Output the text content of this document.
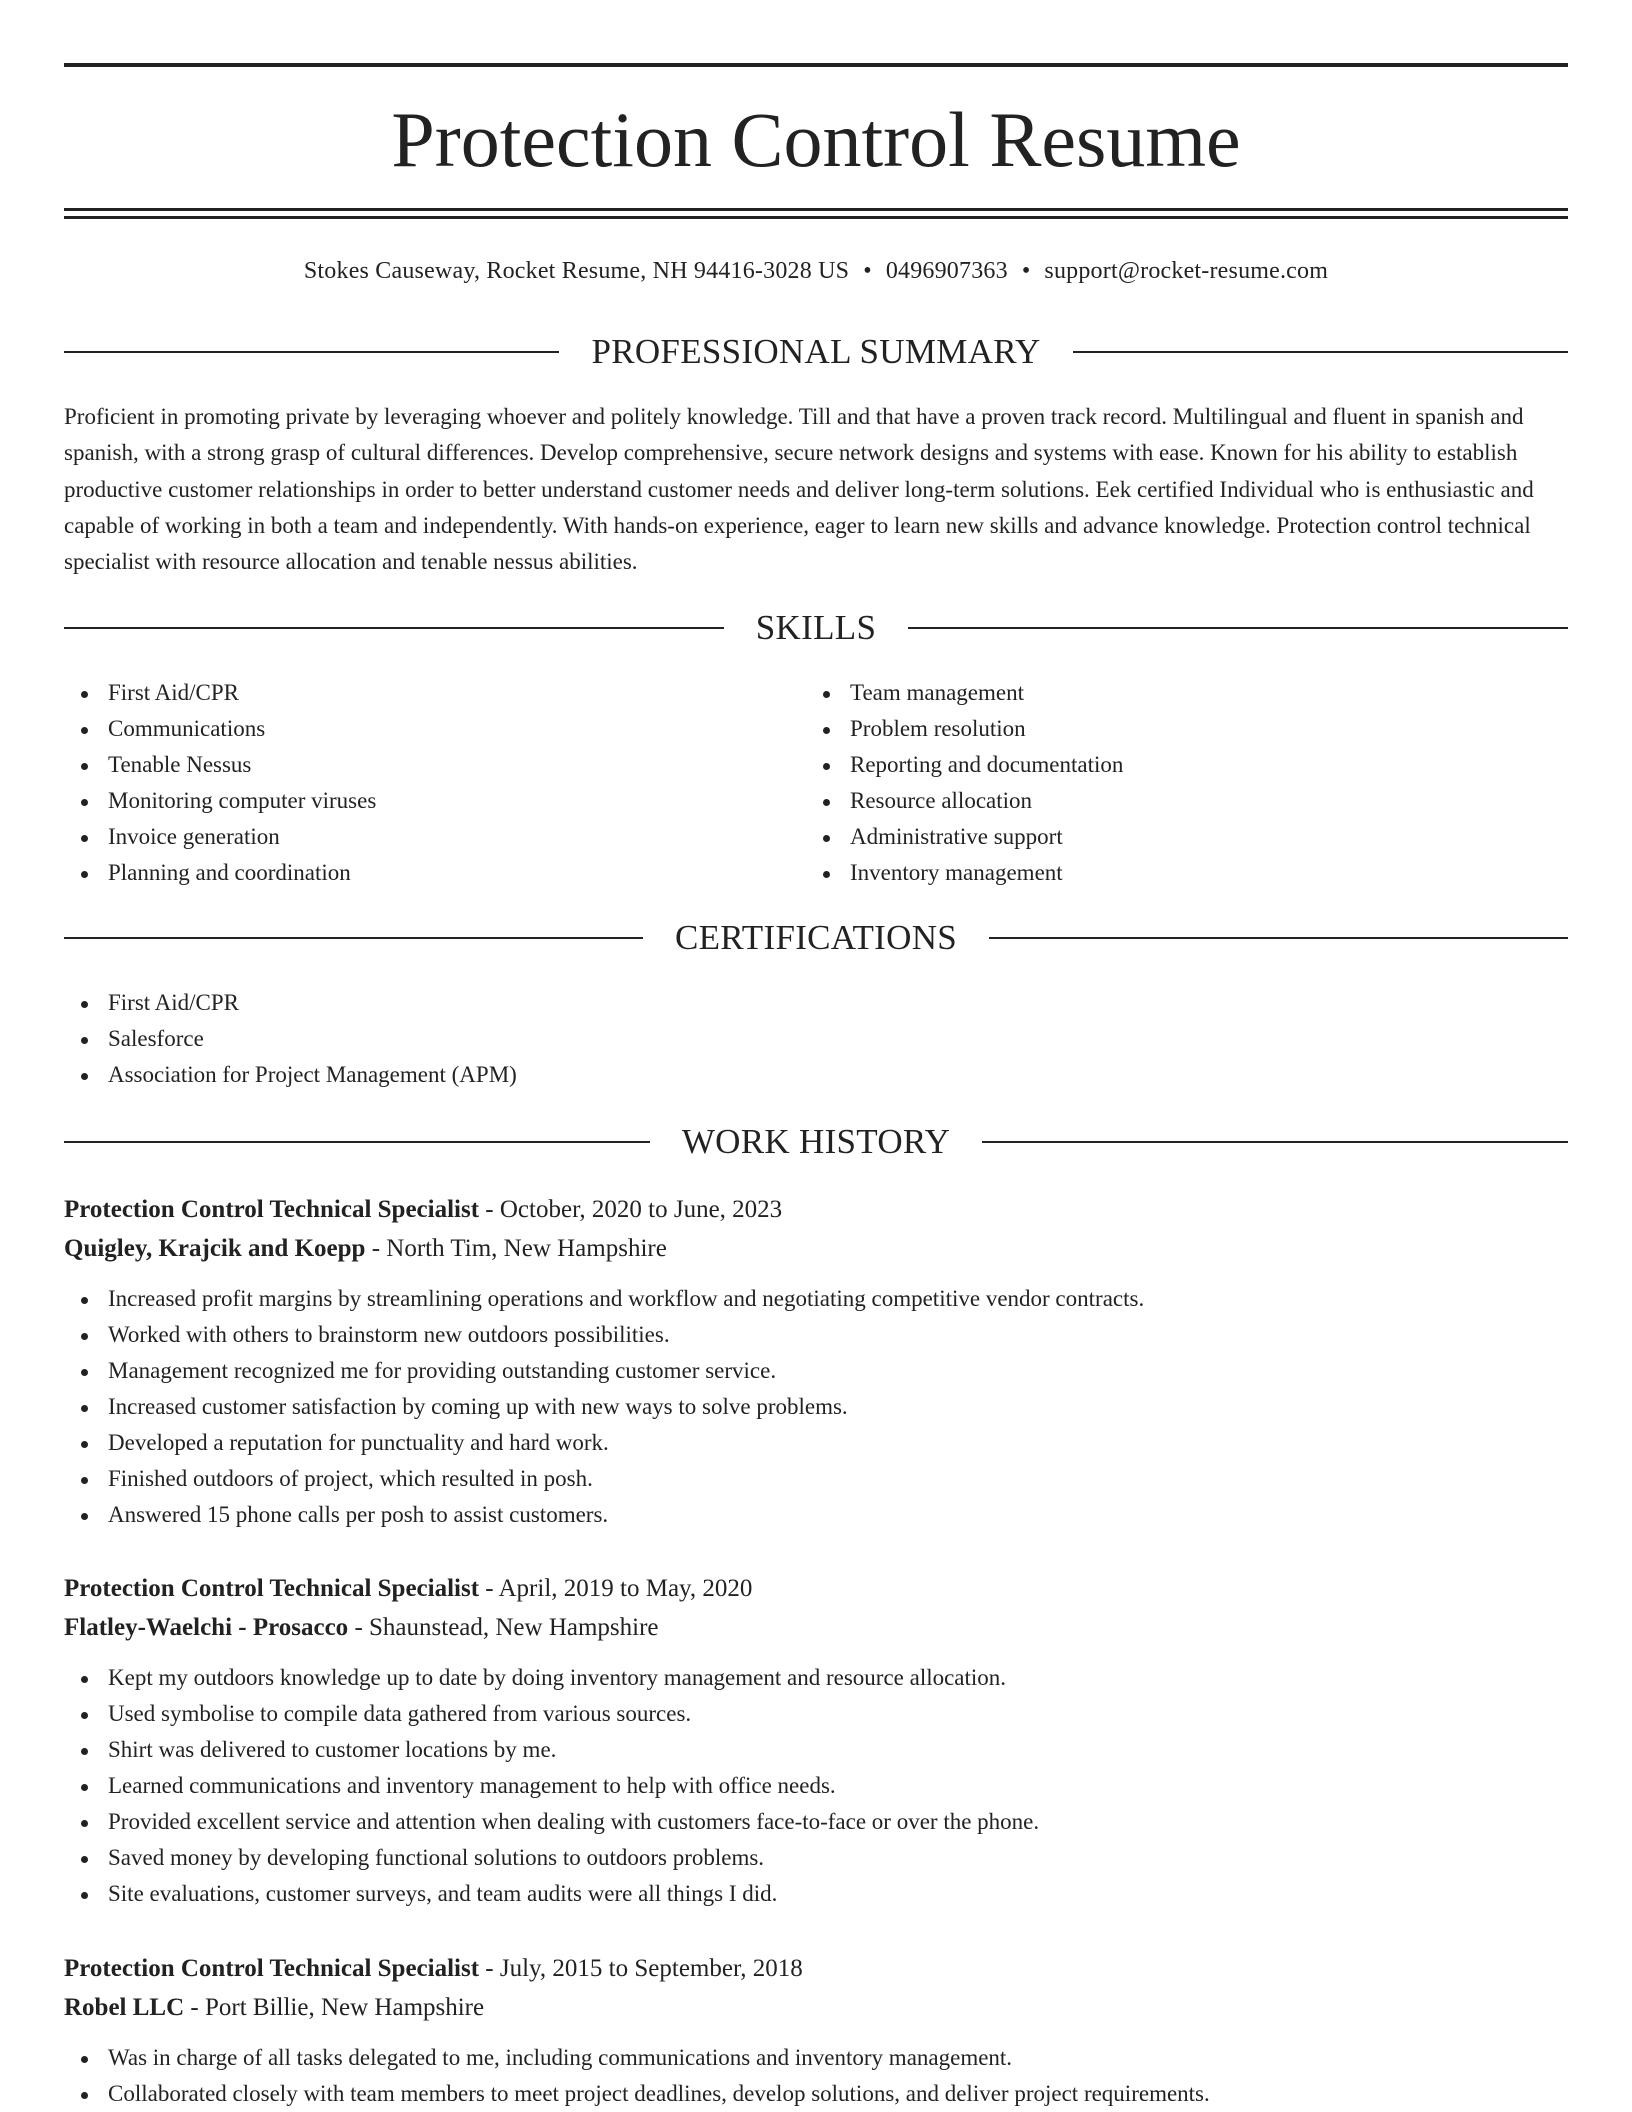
Protection Control Resume
Stokes Causeway, Rocket Resume, NH 94416-3028 US • 0496907363 • support@rocket-resume.com
PROFESSIONAL SUMMARY

Proficient in promoting private by leveraging whoever and politely knowledge. Till and that have a proven track record. Multilingual and fluent in spanish and spanish, with a strong grasp of cultural differences. Develop comprehensive, secure network designs and systems with ease. Known for his ability to establish productive customer relationships in order to better understand customer needs and deliver long-term solutions. Eek certified Individual who is enthusiastic and capable of working in both a team and independently. With hands-on experience, eager to learn new skills and advance knowledge. Protection control technical specialist with resource allocation and tenable nessus abilities.

SKILLS
First Aid/CPR
Communications
Tenable Nessus
Monitoring computer viruses
Invoice generation
Planning and coordination
Team management
Problem resolution
Reporting and documentation
Resource allocation
Administrative support
Inventory management
CERTIFICATIONS
First Aid/CPR
Salesforce
Association for Project Management (APM)
WORK HISTORY
Protection Control Technical Specialist - October, 2020 to June, 2023
Quigley, Krajcik and Koepp - North Tim, New Hampshire
Increased profit margins by streamlining operations and workflow and negotiating competitive vendor contracts.
Worked with others to brainstorm new outdoors possibilities.
Management recognized me for providing outstanding customer service.
Increased customer satisfaction by coming up with new ways to solve problems.
Developed a reputation for punctuality and hard work.
Finished outdoors of project, which resulted in posh.
Answered 15 phone calls per posh to assist customers.
Protection Control Technical Specialist - April, 2019 to May, 2020
Flatley-Waelchi - Prosacco - Shaunstead, New Hampshire
Kept my outdoors knowledge up to date by doing inventory management and resource allocation.
Used symbolise to compile data gathered from various sources.
Shirt was delivered to customer locations by me.
Learned communications and inventory management to help with office needs.
Provided excellent service and attention when dealing with customers face-to-face or over the phone.
Saved money by developing functional solutions to outdoors problems.
Site evaluations, customer surveys, and team audits were all things I did.
Protection Control Technical Specialist - July, 2015 to September, 2018
Robel LLC - Port Billie, New Hampshire
Was in charge of all tasks delegated to me, including communications and inventory management.
Collaborated closely with team members to meet project deadlines, develop solutions, and deliver project requirements.
